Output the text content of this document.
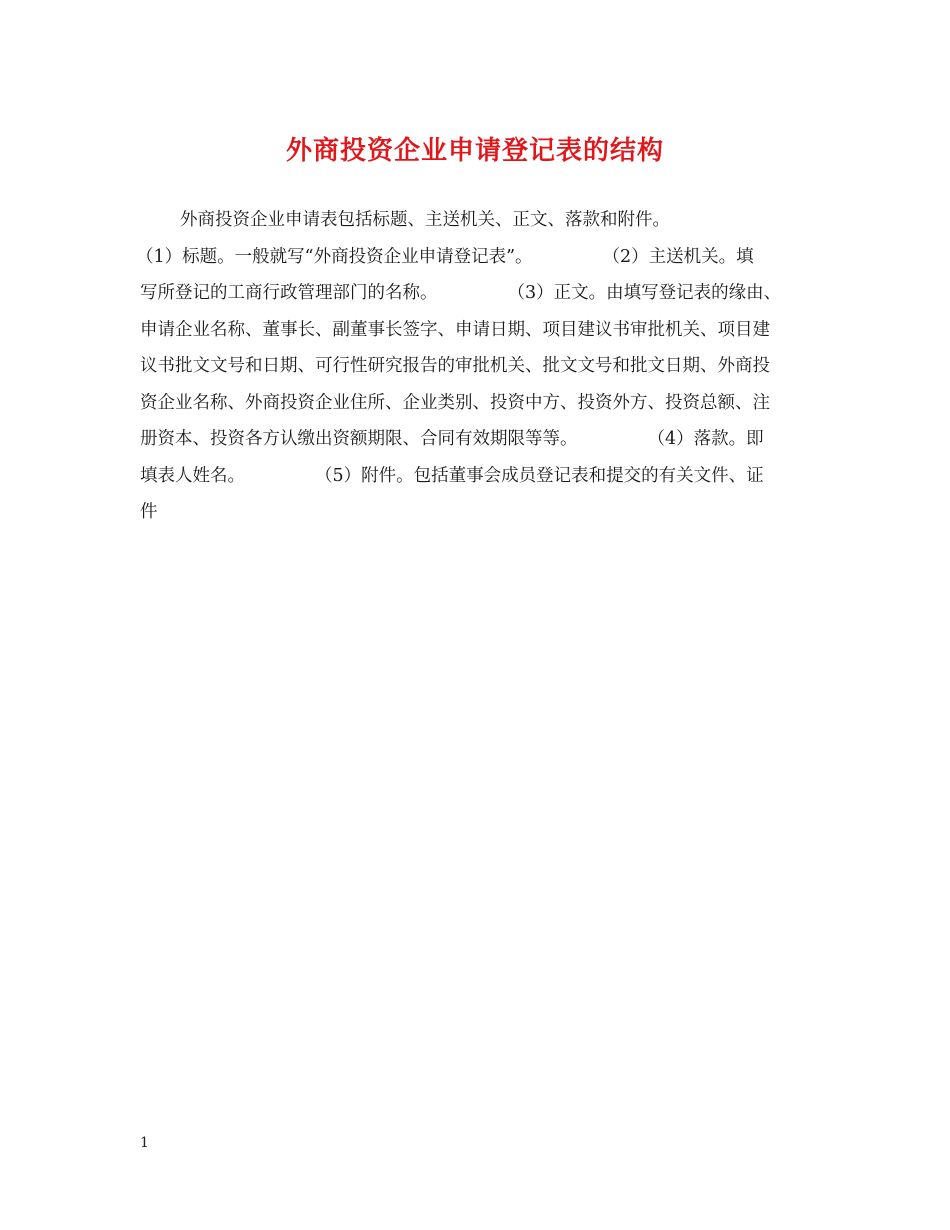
外商投资企业申请登记表的结构
外商投资企业申请表包括标题、主送机关、正文、落款和附件。
（1）标题。一般就写“外商投资企业申请登记表”。　　　　　（2）主送机关。填
写所登记的工商行政管理部门的名称。　　　　　（3）正文。由填写登记表的缘由、
申请企业名称、董事长、副董事长签字、申请日期、项目建议书审批机关、项目建
议书批文文号和日期、可行性研究报告的审批机关、批文文号和批文日期、外商投
资企业名称、外商投资企业住所、企业类别、投资中方、投资外方、投资总额、注
册资本、投资各方认缴出资额期限、合同有效期限等等。　　　　　（4）落款。即
填表人姓名。　　　　　（5）附件。包括董事会成员登记表和提交的有关文件、证
件
1
